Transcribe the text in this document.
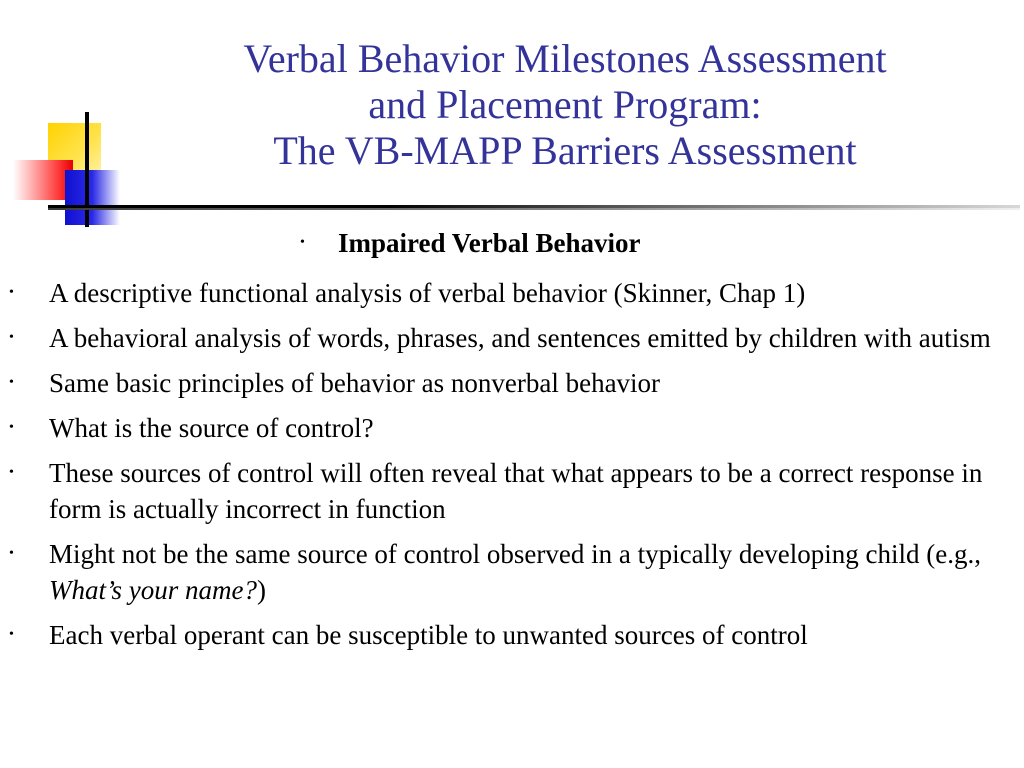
Verbal Behavior Milestones Assessment
and Placement Program:
The VB-MAPP Barriers Assessment
• Impaired Verbal Behavior
• A descriptive functional analysis of verbal behavior (Skinner, Chap 1)
• A behavioral analysis of words, phrases, and sentences emitted by children with autism
• Same basic principles of behavior as nonverbal behavior
• What is the source of control?
• These sources of control will often reveal that what appears to be a correct response in form is actually incorrect in function
• Might not be the same source of control observed in a typically developing child (e.g., What’s your name?)
• Each verbal operant can be susceptible to unwanted sources of control
